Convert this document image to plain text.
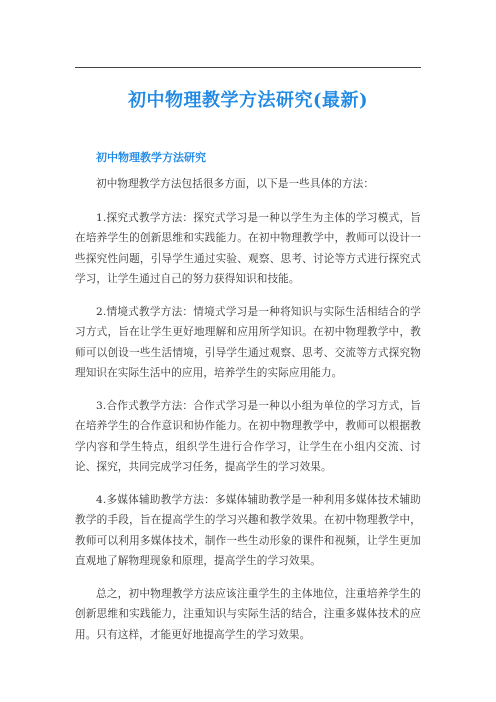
初中物理教学方法研究(最新)
初中物理教学方法研究

初中物理教学方法包括很多方面，以下是一些具体的方法：

1.探究式教学方法：探究式学习是一种以学生为主体的学习模式，旨在培养学生的创新思维和实践能力。在初中物理教学中，教师可以设计一些探究性问题，引导学生通过实验、观察、思考、讨论等方式进行探究式学习，让学生通过自己的努力获得知识和技能。

2.情境式教学方法：情境式学习是一种将知识与实际生活相结合的学习方式，旨在让学生更好地理解和应用所学知识。在初中物理教学中，教师可以创设一些生活情境，引导学生通过观察、思考、交流等方式探究物理知识在实际生活中的应用，培养学生的实际应用能力。

3.合作式教学方法：合作式学习是一种以小组为单位的学习方式，旨在培养学生的合作意识和协作能力。在初中物理教学中，教师可以根据教学内容和学生特点，组织学生进行合作学习，让学生在小组内交流、讨论、探究，共同完成学习任务，提高学生的学习效果。

4.多媒体辅助教学方法：多媒体辅助教学是一种利用多媒体技术辅助教学的手段，旨在提高学生的学习兴趣和教学效果。在初中物理教学中，教师可以利用多媒体技术，制作一些生动形象的课件和视频，让学生更加直观地了解物理现象和原理，提高学生的学习效果。

总之，初中物理教学方法应该注重学生的主体地位，注重培养学生的创新思维和实践能力，注重知识与实际生活的结合，注重多媒体技术的应用。只有这样，才能更好地提高学生的学习效果。
